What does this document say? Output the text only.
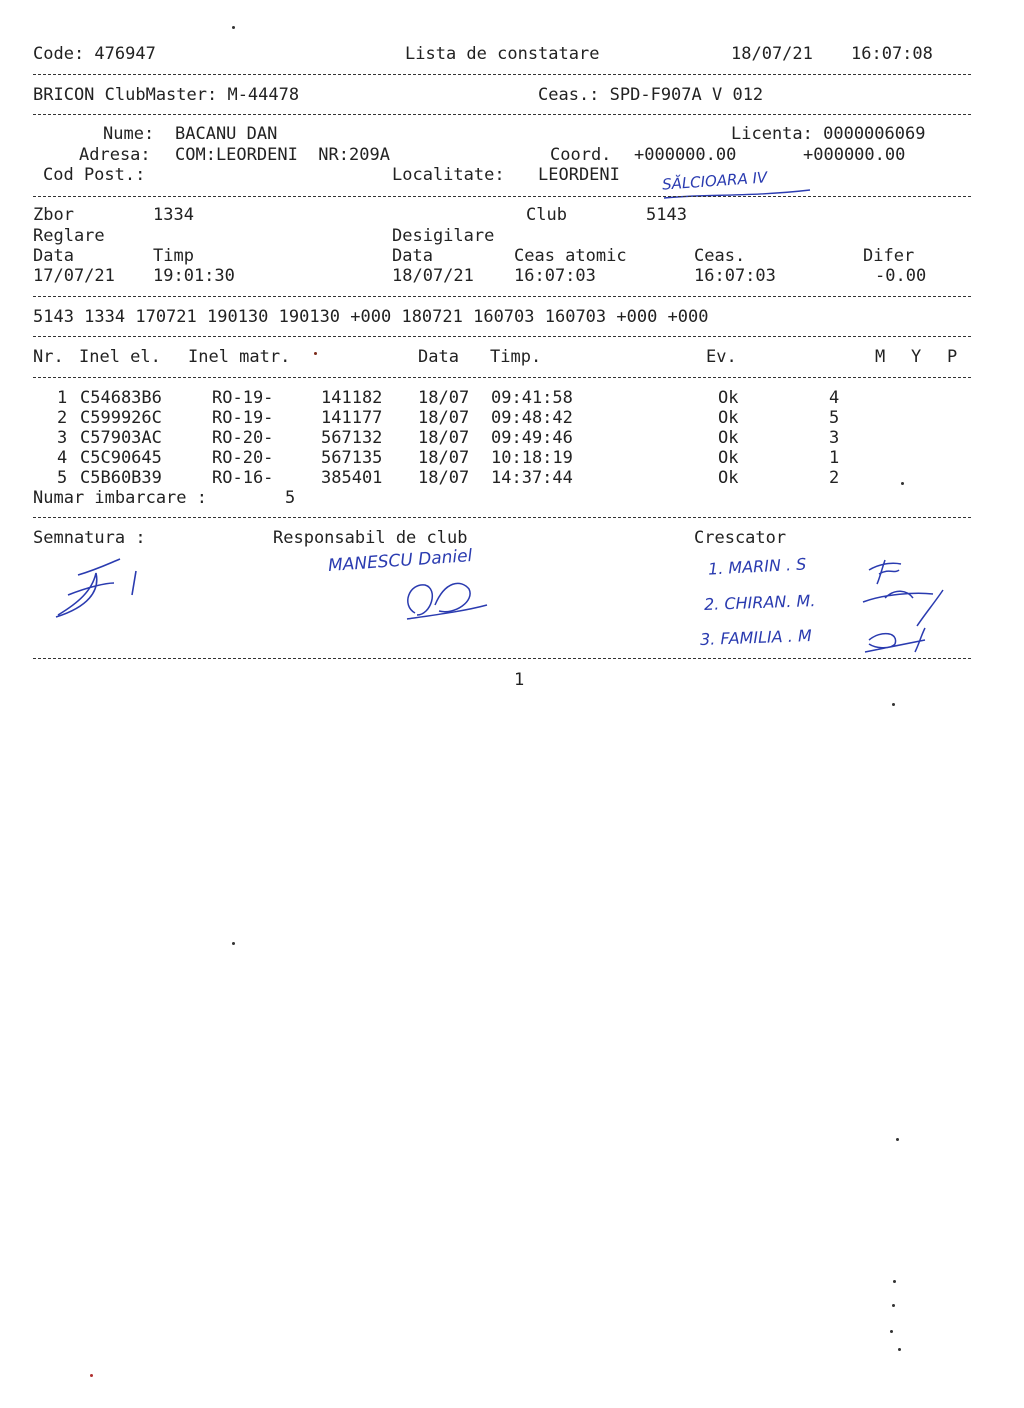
Code: 476947	Lista de constatare	18/07/21 16:07:08
BRICON ClubMaster: M-44478	Ceas.: SPD-F907A V 012
Nume: BACANU DAN	Licenta: 0000006069
Adresa: COM:LEORDENI  NR:209A	Coord. +000000.00	+000000.00
Cod Post.:	Localitate: LEORDENI	SĂLCIOARA IV
Zbor	1334	Club	5143
Reglare	Desigilare
Data	Timp	Data	Ceas atomic	Ceas.	Difer
17/07/21 19:01:30	18/07/21 16:07:03	16:07:03	-0.00
5143 1334 170721 190130 190130 +000 180721 160703 160703 +000 +000
Nr. Inel el. Inel matr.	Data Timp.	Ev.	M Y P
1 C54683B6	RO-19-	141182 18/07 09:41:58	Ok	4
2 C599926C	RO-19-	141177 18/07 09:48:42	Ok	5
3 C57903AC	RO-20-	567132 18/07 09:49:46	Ok	3
4 C5C90645	RO-20-	567135 18/07 10:18:19	Ok	1
5 C5B60B39	RO-16-	385401 18/07 14:37:44	Ok	2
Numar imbarcare :	5
Semnatura :	Responsabil de club	Crescator
MANESCU Daniel	1. MARIN . S
2. CHIRAN. M.
3. FAMILIA . M
1
